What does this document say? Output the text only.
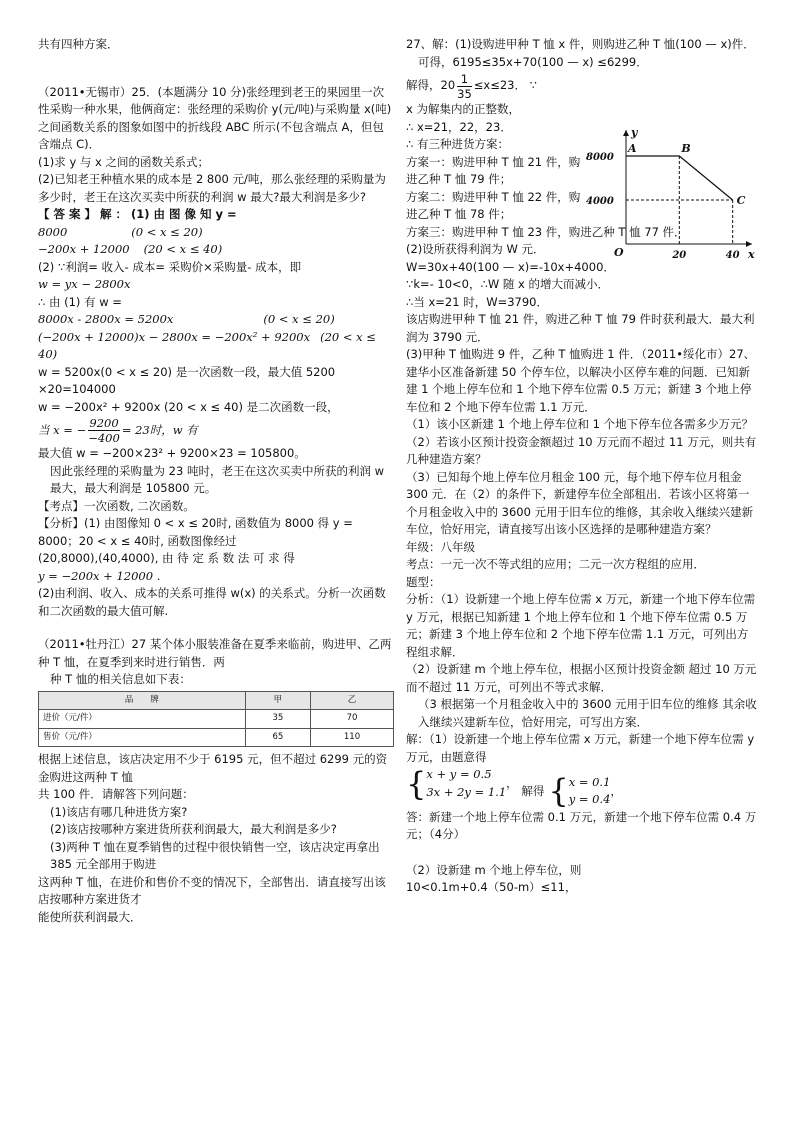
共有四种方案．

（2011•无锡市）25．(本题满分 10 分)张经理到老王的果园里一次性采购一种水果，他俩商定：张经理的采购价 y(元/吨)与采购量 x(吨)之间函数关系的图象如图中的折线段 ABC 所示(不包含端点 A，但包含端点 C)．

(1)求 y 与 x 之间的函数关系式；

(2)已知老王种植水果的成本是 2 800 元/吨，那么张经理的采购量为多少时，老王在这次买卖中所获的利润 w 最大?最大利润是多少?

【 答 案 】 解 ： (1) 由 图 像 知 y =

8000	(0 < x ≤ 20)
−200x + 12000 (20 < x ≤ 40)

(2) ∵利润= 收入- 成本= 采购价×采购量- 成本，即

w = yx − 2800x

∴ 由 (1) 有 w =

8000x - 2800x = 5200x	(0 < x ≤ 20)
(−200x + 12000)x − 2800x = −200x² + 9200x (20 < x ≤ 40)

w = 5200x(0 < x ≤ 20) 是一次函数一段，最大值 5200 ×20=104000

w = −200x² + 9200x (20 < x ≤ 40) 是二次函数一段，

当 x = − $\frac{9200}{-400} = 23$时，w 有

最大值 w = −200×23² + 9200×23 = 105800。

因此张经理的采购量为 23 吨时，老王在这次买卖中所获的利润 w 最大，最大利润是 105800 元。

【考点】一次函数, 二次函数。

【分析】(1) 由图像知 0 < x ≤ 20时, 函数值为 8000 得 y = 8000；20 < x ≤ 40时, 函数图像经过

(20,8000),(40,4000), 由 待 定 系 数 法 可 求 得

y = −200x + 12000 .

(2)由利润、收入、成本的关系可推得 w(x) 的关系式。分析一次函数和二次函数的最大值可解.

（2011•牡丹江）27 某个体小服装准备在夏季来临前，购进甲、乙两种 T 恤，在夏季到来时进行销售．两

种 T 恤的相关信息如下表：

品　　牌	甲	乙
进价（元/件）	35	70
售价（元/件）	65	110

根据上述信息，该店决定用不少于 6195 元，但不超过 6299 元的资金购进这两种 T 恤

共 100 件．请解答下列问题：

(1)该店有哪几种进货方案?

(2)该店按哪种方案进货所获利润最大，最大利润是多少?

(3)两种 T 恤在夏季销售的过程中很快销售一空，该店决定再拿出 385 元全部用于购进

这两种 T 恤，在进价和售价不变的情况下，全部售出．请直接写出该店按哪种方案进货才

能使所获利润最大．

27、解：(1)设购进甲种 T 恤 x 件，则购进乙种 T 恤(100 — x)件．

可得，6195≤35x+70(100 — x) ≤6299．

解得，$20 \frac{1}{35} \le x\le 23$． ∵

x 为解集内的正整数，

∴ x=21，22，23．

∴ 有三种进货方案：

方案一：购进甲种 T 恤 21 件，购进乙种 T 恤 79 件；

方案二：购进甲种 T 恤 22 件，购进乙种 T 恤 78 件；

方案三：购进甲种 T 恤 23 件，购进乙种 T 恤 77 件．

(2)设所获得利润为 W 元．

W=30x+40(100 — x)=-10x+4000．

∵k=- 10<0，∴W 随 x 的增大而减小．

∴当 x=21 时，W=3790．

该店购进甲种 T 恤 21 件，购进乙种 T 恤 79 件时获利最大．最大利润为 3790 元．

(3)甲种 T 恤购进 9 件，乙种 T 恤购进 1 件．（2011•绥化市）27、建华小区准备新建 50 个停车位，以解决小区停车难的问题．已知新建 1 个地上停车位和 1 个地下停车位需 0.5 万元；新建 3 个地上停车位和 2 个地下停车位需 1.1 万元．

（1）该小区新建 1 个地上停车位和 1 个地下停车位各需多少万元？

（2）若该小区预计投资金额超过 10 万元而不超过 11 万元，则共有几种建造方案？

（3）已知每个地上停车位月租金 100 元，每个地下停车位月租金 300 元．在（2）的条件下，新建停车位全部租出．若该小区将第一个月租金收入中的 3600 元用于旧车位的维修，其余收入继续兴建新车位，恰好用完，请直接写出该小区选择的是哪种建造方案？

年级：八年级

考点：一元一次不等式组的应用；二元一次方程组的应用．

题型：

分析：（1）设新建一个地上停车位需 x 万元，新建一个地下停车位需 y 万元，根据已知新建 1 个地上停车位和 1 个地下停车位需 0.5 万元；新建 3 个地上停车位和 2 个地下停车位需 1.1 万元，可列出方程组求解．

（2）设新建 m 个地上停车位，根据小区预计投资金额 超过 10 万元而不超过 11 万元，可列出不等式求解．

（3 根据第一个月租金收入中的 3600 元用于旧车位的维修 其余收入继续兴建新车位，恰好用完，可写出方案．

解：（1）设新建一个地上停车位需 x 万元，新建一个地下停车位需 y 万元，由题意得

{ x + y = 0.5
3x + 2y = 1.1
，

解得 { x = 0.1
y = 0.4
，

答：新建一个地上停车位需 0.1 万元，新建一个地下停车位需 0.4 万元；（4分）

（2）设新建 m 个地上停车位，则

10<0.1m+0.4（50-m）≤11，

x
y
O	20	40
8000
4000
A	B
C
